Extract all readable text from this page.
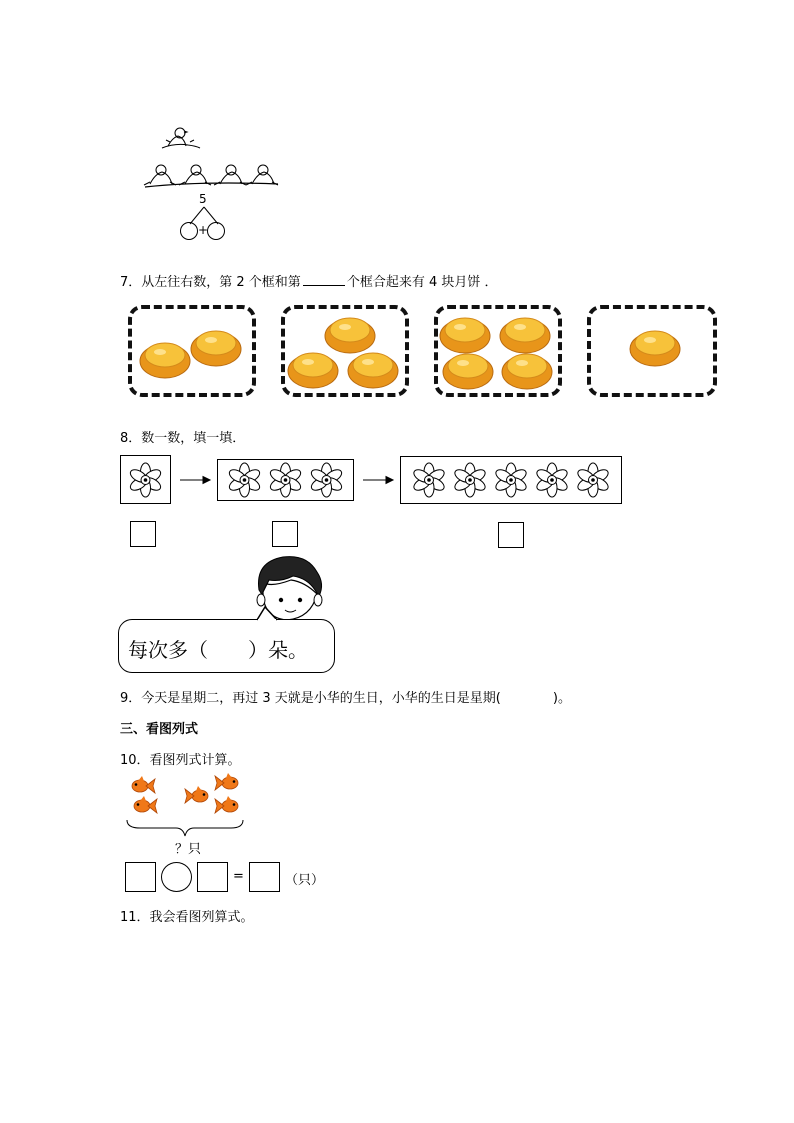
5
+
7．从左往右数，第 2 个框和第	个框合起来有 4 块月饼 ．
8．数一数，填一填．
每次多（　　）朵。
9．今天是星期二，再过 3 天就是小华的生日，小华的生日是星期(　　　　)。
三、看图列式
10．看图列式计算。
？只
=	（只）
11．我会看图列算式。
